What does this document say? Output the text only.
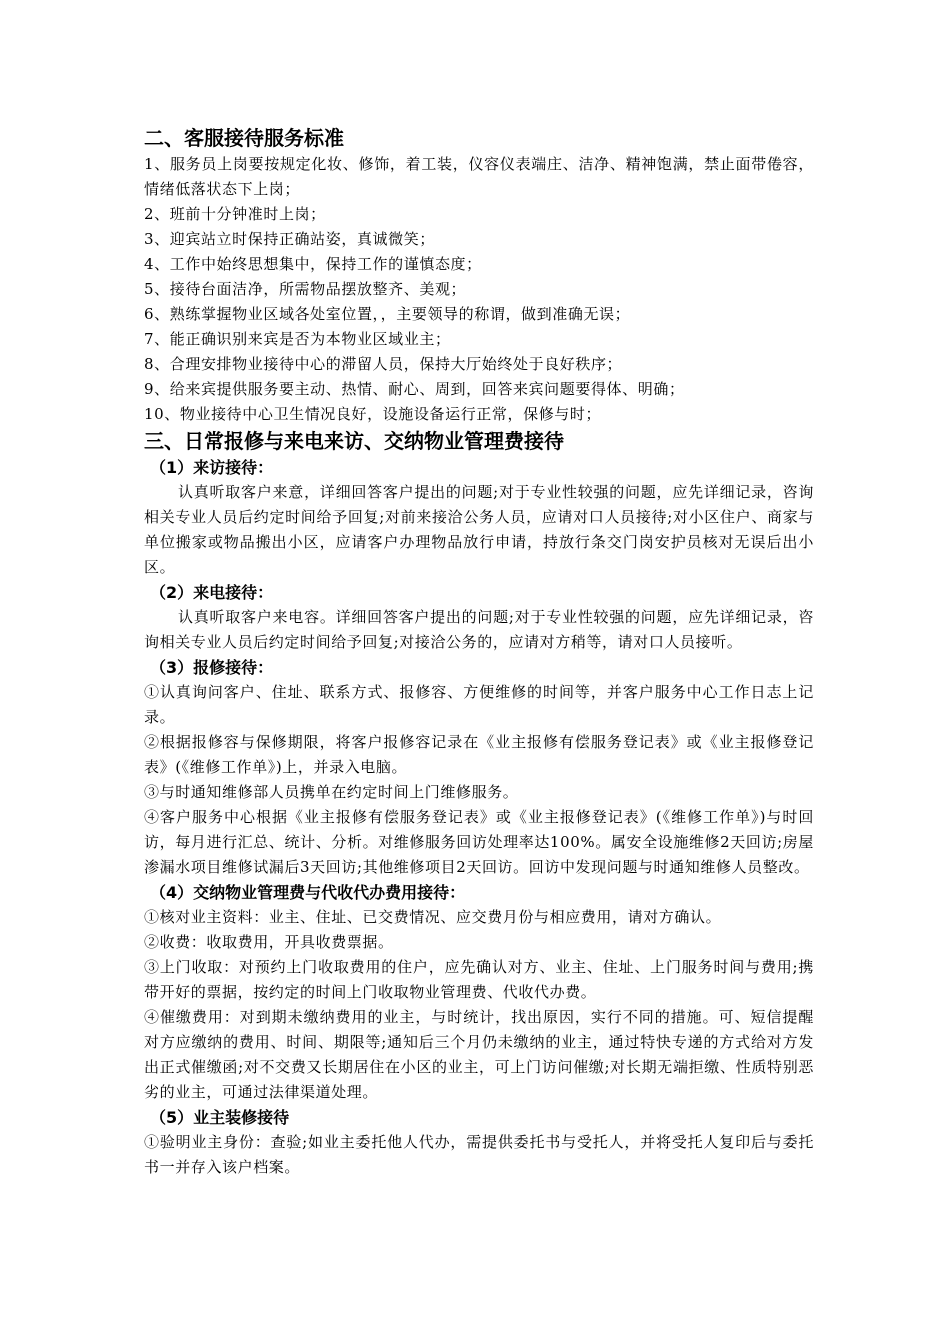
二、客服接待服务标准
1、服务员上岗要按规定化妆、修饰，着工装，仪容仪表端庄、洁净、精神饱满，禁止面带倦容，情绪低落状态下上岗；
2、班前十分钟准时上岗；
3、迎宾站立时保持正确站姿，真诚微笑；
4、工作中始终思想集中，保持工作的谨慎态度；
5、接待台面洁净，所需物品摆放整齐、美观；
6、熟练掌握物业区域各处室位置，，主要领导的称谓，做到准确无误；
7、能正确识别来宾是否为本物业区域业主；
8、合理安排物业接待中心的滞留人员，保持大厅始终处于良好秩序；
9、给来宾提供服务要主动、热情、耐心、周到，回答来宾问题要得体、明确；
10、物业接待中心卫生情况良好，设施设备运行正常，保修与时；
三、日常报修与来电来访、交纳物业管理费接待
（1）来访接待：
认真听取客户来意，详细回答客户提出的问题;对于专业性较强的问题，应先详细记录，咨询相关专业人员后约定时间给予回复;对前来接洽公务人员，应请对口人员接待;对小区住户、商家与单位搬家或物品搬出小区，应请客户办理物品放行申请，持放行条交门岗安护员核对无误后出小区。
（2）来电接待：
认真听取客户来电容。详细回答客户提出的问题;对于专业性较强的问题，应先详细记录，咨询相关专业人员后约定时间给予回复;对接洽公务的，应请对方稍等，请对口人员接听。
（3）报修接待：
①认真询问客户、住址、联系方式、报修容、方便维修的时间等，并客户服务中心工作日志上记录。
②根据报修容与保修期限，将客户报修容记录在《业主报修有偿服务登记表》或《业主报修登记表》(《维修工作单》)上，并录入电脑。
③与时通知维修部人员携单在约定时间上门维修服务。
④客户服务中心根据《业主报修有偿服务登记表》或《业主报修登记表》(《维修工作单》)与时回访，每月进行汇总、统计、分析。对维修服务回访处理率达100%。属安全设施维修2天回访;房屋渗漏水项目维修试漏后3天回访;其他维修项目2天回访。回访中发现问题与时通知维修人员整改。
（4）交纳物业管理费与代收代办费用接待：
①核对业主资料：业主、住址、已交费情况、应交费月份与相应费用，请对方确认。
②收费：收取费用，开具收费票据。
③上门收取：对预约上门收取费用的住户，应先确认对方、业主、住址、上门服务时间与费用;携带开好的票据，按约定的时间上门收取物业管理费、代收代办费。
④催缴费用：对到期未缴纳费用的业主，与时统计，找出原因，实行不同的措施。可、短信提醒对方应缴纳的费用、时间、期限等;通知后三个月仍未缴纳的业主，通过特快专递的方式给对方发出正式催缴函;对不交费又长期居住在小区的业主，可上门访问催缴;对长期无端拒缴、性质特别恶劣的业主，可通过法律渠道处理。
（5）业主装修接待
①验明业主身份：查验;如业主委托他人代办，需提供委托书与受托人，并将受托人复印后与委托书一并存入该户档案。
